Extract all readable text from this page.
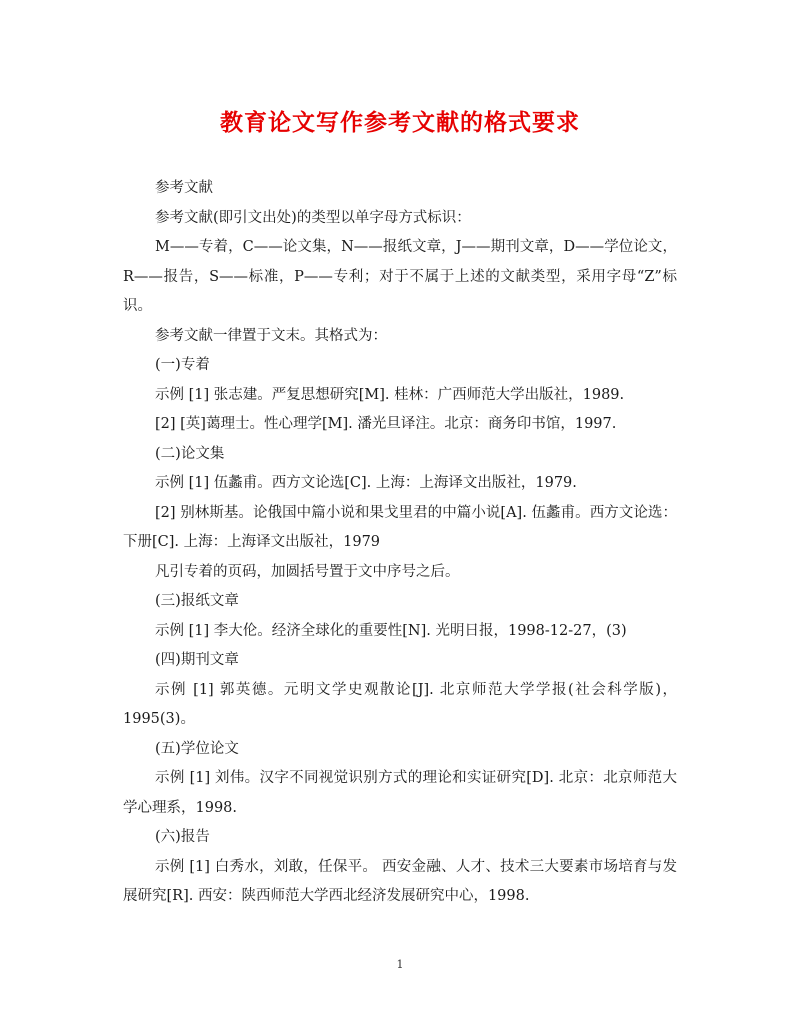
教育论文写作参考文献的格式要求

参考文献

参考文献(即引文出处)的类型以单字母方式标识：

M——专着，C——论文集，N——报纸文章，J——期刊文章，D——学位论文，R——报告，S——标准，P——专利；对于不属于上述的文献类型，采用字母“Z”标识。

参考文献一律置于文末。其格式为：

(一)专着

示例 [1] 张志建。严复思想研究[M]. 桂林：广西师范大学出版社，1989.

[2] [英]蔼理士。性心理学[M]. 潘光旦译注。北京：商务印书馆，1997.

(二)论文集

示例 [1] 伍蠡甫。西方文论选[C]. 上海：上海译文出版社，1979.

[2] 别林斯基。论俄国中篇小说和果戈里君的中篇小说[A]. 伍蠡甫。西方文论选：下册[C]. 上海：上海译文出版社，1979

凡引专着的页码，加圆括号置于文中序号之后。

(三)报纸文章

示例 [1] 李大伦。经济全球化的重要性[N]. 光明日报，1998-12-27，(3)

(四)期刊文章

示例 [1] 郭英德。元明文学史观散论[J]. 北京师范大学学报(社会科学版)，1995(3)。

(五)学位论文

示例 [1] 刘伟。汉字不同视觉识别方式的理论和实证研究[D]. 北京：北京师范大学心理系，1998.

(六)报告

示例 [1] 白秀水，刘敢，任保平。 西安金融、人才、技术三大要素市场培育与发展研究[R]. 西安：陕西师范大学西北经济发展研究中心，1998.

1
